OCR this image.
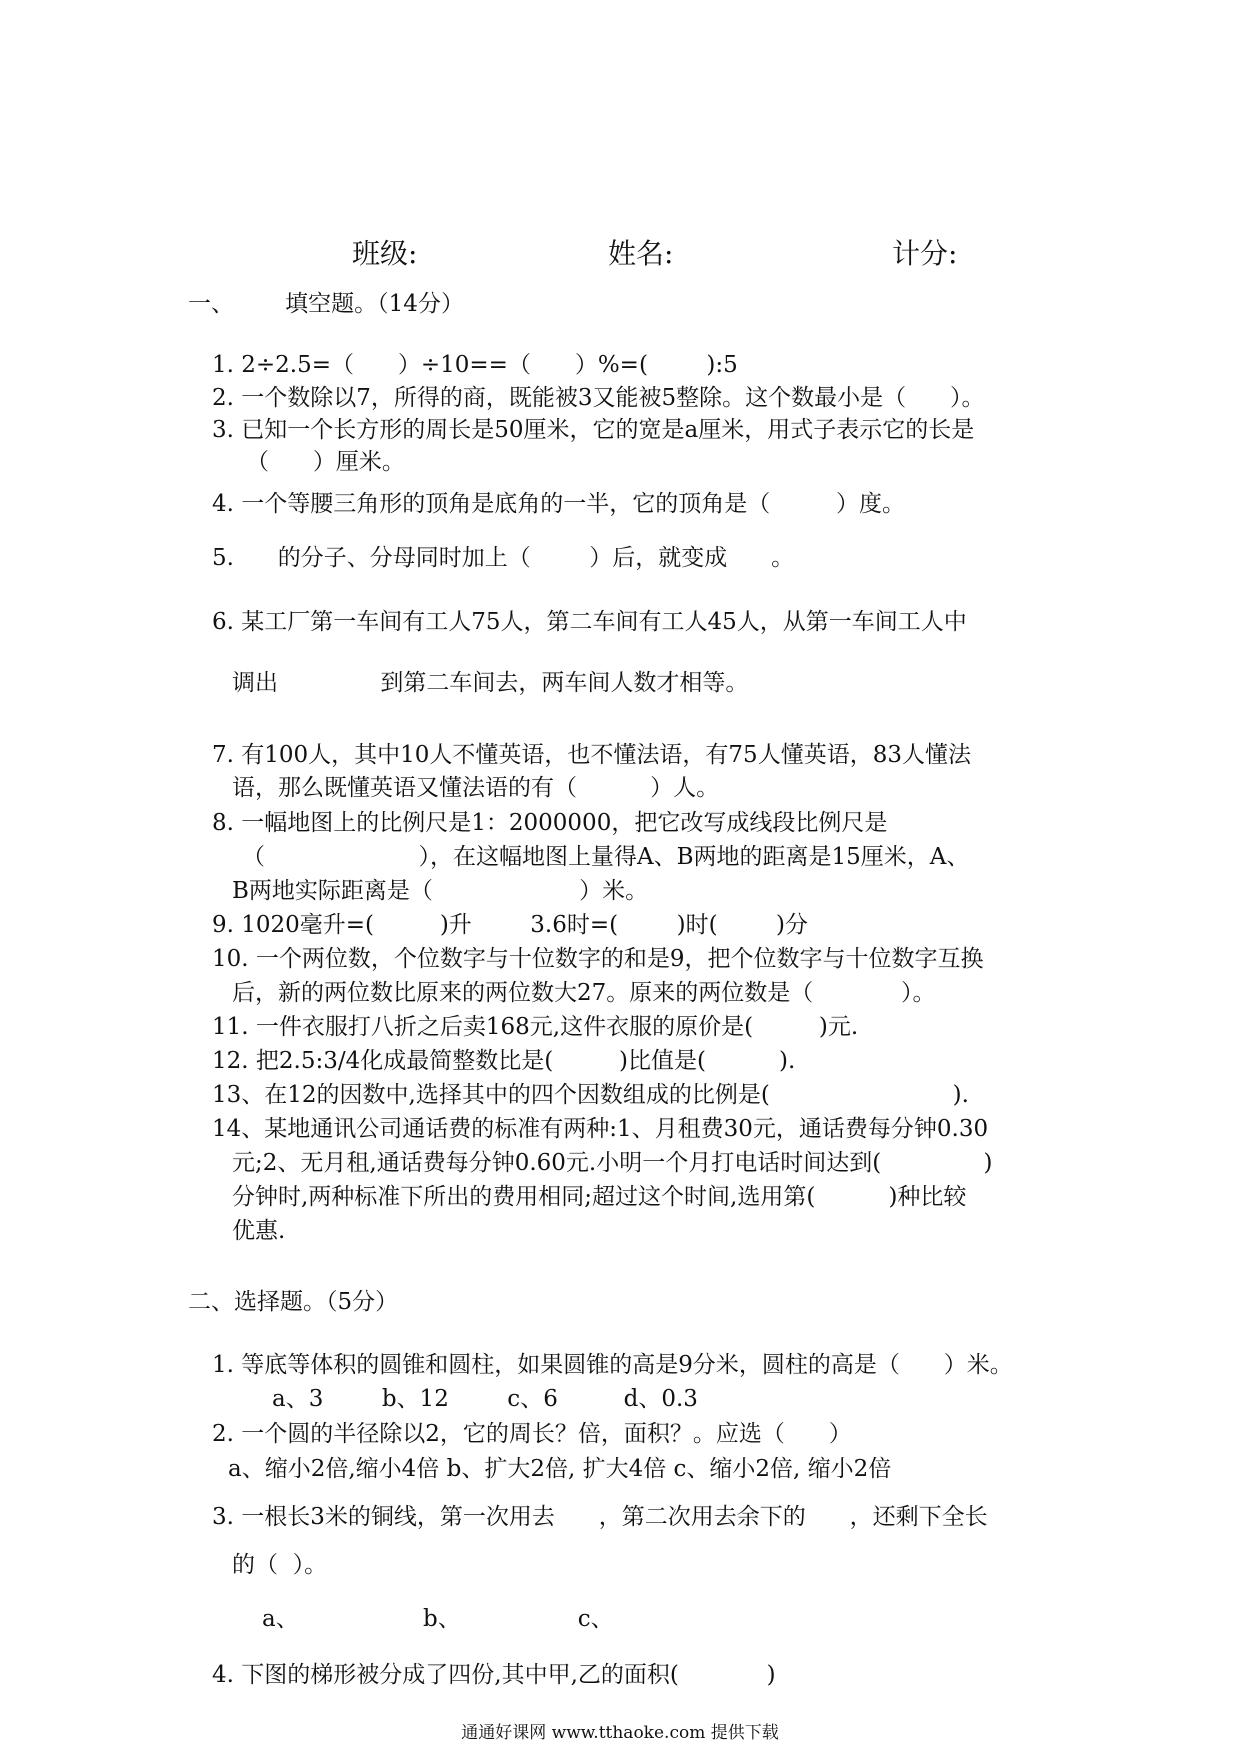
班级:	姓名:	计分:
一、       填空题。（14分）
1. 2÷2.5=（      ）÷10==（      ）%=(        ):5
2. 一个数除以7，所得的商，既能被3又能被5整除。这个数最小是（      ）。
3. 已知一个长方形的周长是50厘米，它的宽是a厘米，用式子表示它的长是
（      ）厘米。
4. 一个等腰三角形的顶角是底角的一半，它的顶角是（         ）度。
5.      的分子、分母同时加上（        ）后，就变成      。
6. 某工厂第一车间有工人75人，第二车间有工人45人，从第一车间工人中
调出              到第二车间去，两车间人数才相等。
7. 有100人，其中10人不懂英语，也不懂法语，有75人懂英语，83人懂法
语，那么既懂英语又懂法语的有（          ）人。
8. 一幅地图上的比例尺是1：2000000，把它改写成线段比例尺是
（                     ），在这幅地图上量得A、B两地的距离是15厘米，A、
B两地实际距离是（                    ）米。
9. 1020毫升=(         )升        3.6时=(        )时(        )分
10. 一个两位数，个位数字与十位数字的和是9，把个位数字与十位数字互换
后，新的两位数比原来的两位数大27。原来的两位数是（            ）。
11. 一件衣服打八折之后卖168元,这件衣服的原价是(         )元.
12. 把2.5:3/4化成最简整数比是(         )比值是(          ).
13、在12的因数中,选择其中的四个因数组成的比例是(                         ).
14、某地通讯公司通话费的标准有两种:1、月租费30元，通话费每分钟0.30
元;2、无月租,通话费每分钟0.60元.小明一个月打电话时间达到(              )
分钟时,两种标准下所出的费用相同;超过这个时间,选用第(          )种比较
优惠.
二、选择题。（5分）
1. 等底等体积的圆锥和圆柱，如果圆锥的高是9分米，圆柱的高是（      ）米。
a、3        b、12        c、6         d、0.3
2. 一个圆的半径除以2，它的周长？倍，面积？。应选（      ）
a、缩小2倍,缩小4倍 b、扩大2倍, 扩大4倍 c、缩小2倍, 缩小2倍
3. 一根长3米的铜线，第一次用去      ，第二次用去余下的      ，还剩下全长
的（  ）。
a、                 b、                c、
4. 下图的梯形被分成了四份,其中甲,乙的面积(            )
通通好课网 www.tthaoke.com 提供下载
